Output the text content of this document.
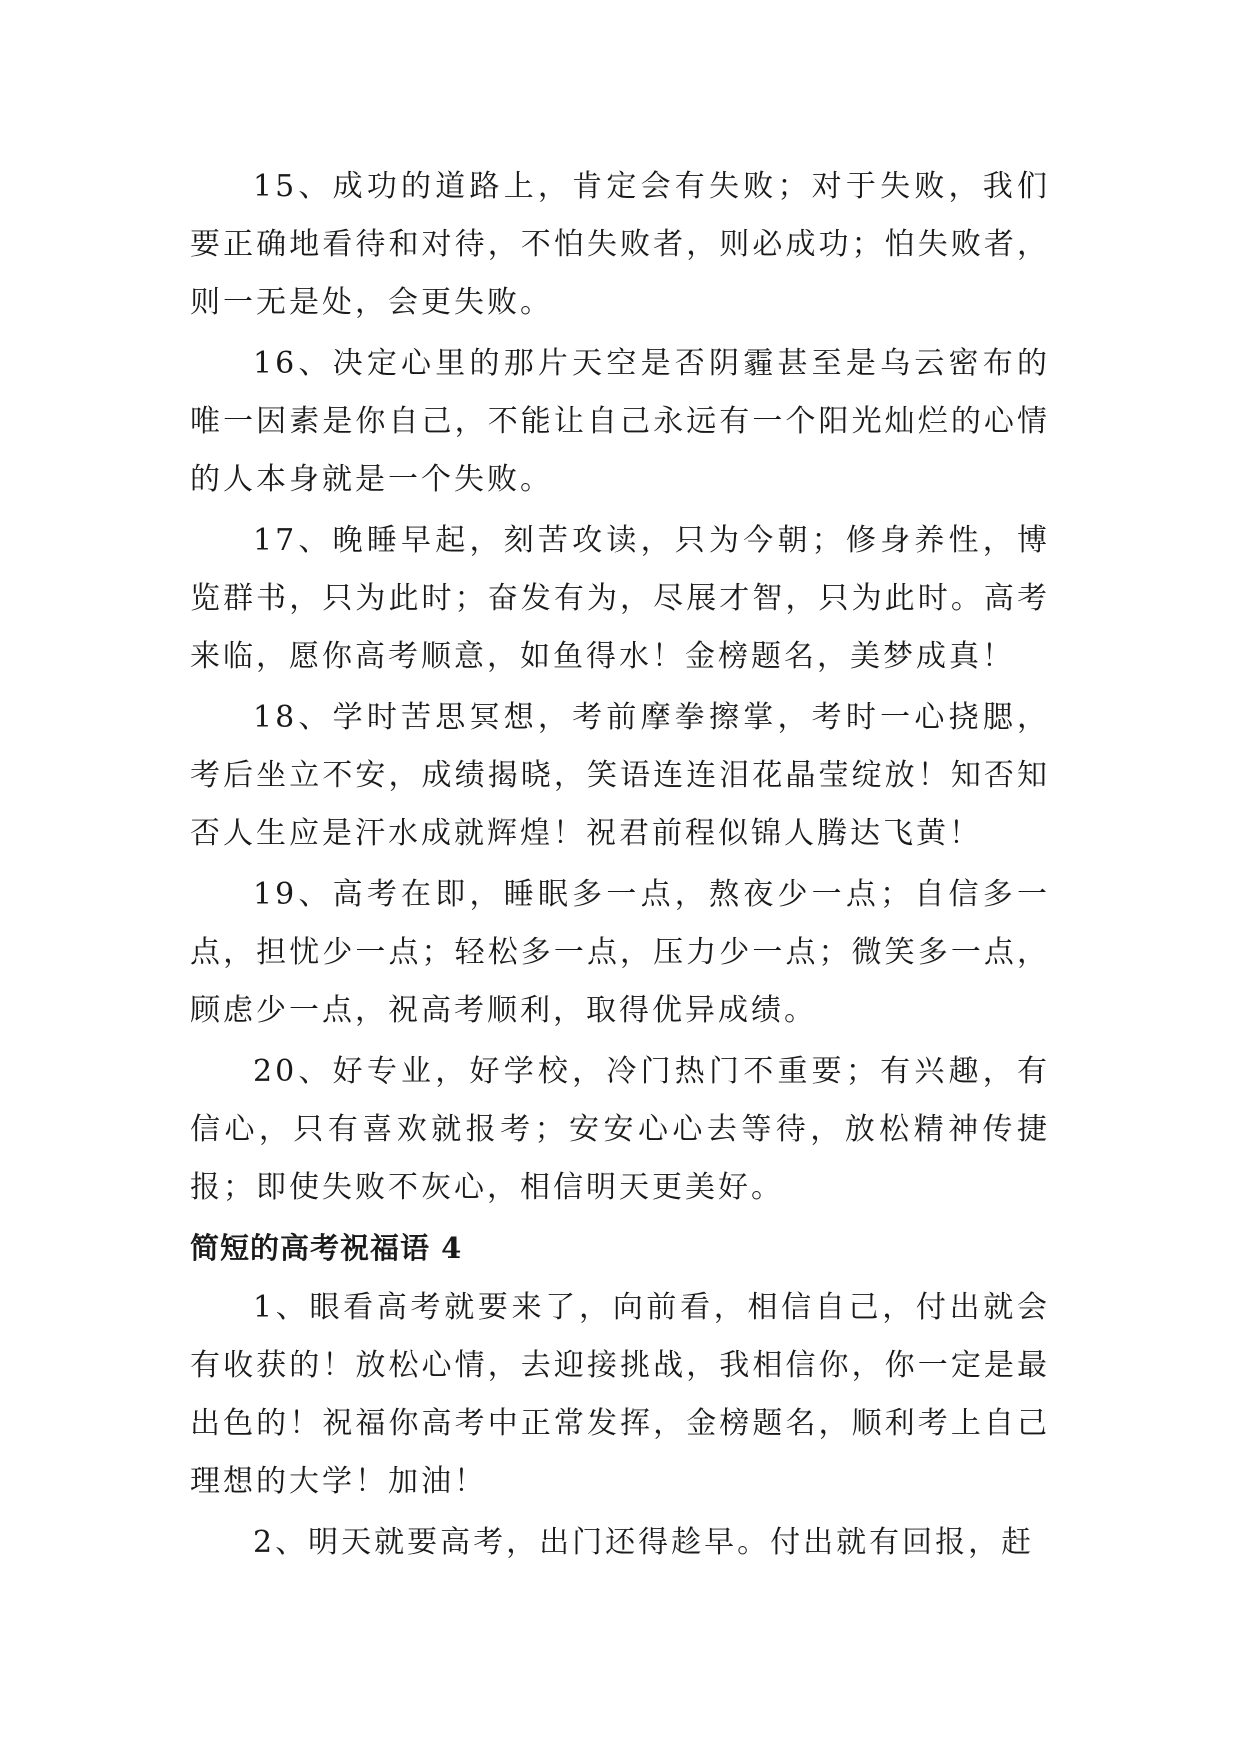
15、成功的道路上，肯定会有失败；对于失败，我们要正确地看待和对待，不怕失败者，则必成功；怕失败者，则一无是处，会更失败。

16、决定心里的那片天空是否阴霾甚至是乌云密布的唯一因素是你自己，不能让自己永远有一个阳光灿烂的心情的人本身就是一个失败。

17、晚睡早起，刻苦攻读，只为今朝；修身养性，博览群书，只为此时；奋发有为，尽展才智，只为此时。高考来临，愿你高考顺意，如鱼得水！金榜题名，美梦成真！

18、学时苦思冥想，考前摩拳擦掌，考时一心挠腮，考后坐立不安，成绩揭晓，笑语连连泪花晶莹绽放！知否知否人生应是汗水成就辉煌！祝君前程似锦人腾达飞黄！

19、高考在即，睡眠多一点，熬夜少一点；自信多一点，担忧少一点；轻松多一点，压力少一点；微笑多一点，顾虑少一点，祝高考顺利，取得优异成绩。

20、好专业，好学校，冷门热门不重要；有兴趣，有信心，只有喜欢就报考；安安心心去等待，放松精神传捷报；即使失败不灰心，相信明天更美好。

简短的高考祝福语 4

1、眼看高考就要来了，向前看，相信自己，付出就会有收获的！放松心情，去迎接挑战，我相信你，你一定是最出色的！祝福你高考中正常发挥，金榜题名，顺利考上自己理想的大学！加油！

2、明天就要高考，出门还得趁早。付出就有回报，赶
